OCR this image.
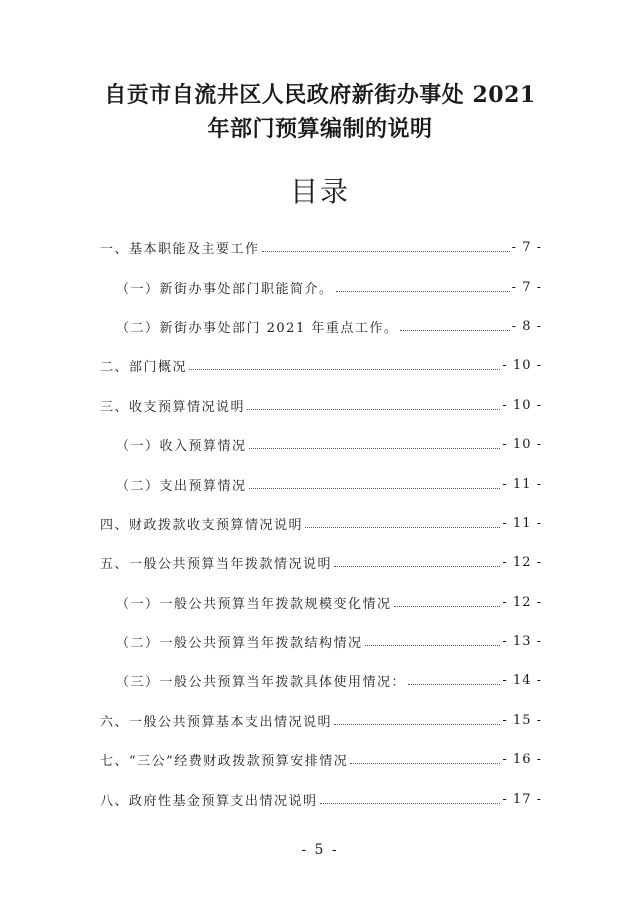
自贡市自流井区人民政府新街办事处 2021
年部门预算编制的说明
目录
一、基本职能及主要工作	- 7 -
（一）新街办事处部门职能简介。	- 7 -
（二）新街办事处部门 2021 年重点工作。	- 8 -
二、部门概况	- 10 -
三、收支预算情况说明	- 10 -
（一）收入预算情况	- 10 -
（二）支出预算情况	- 11 -
四、财政拨款收支预算情况说明	- 11 -
五、一般公共预算当年拨款情况说明	- 12 -
（一）一般公共预算当年拨款规模变化情况	- 12 -
（二）一般公共预算当年拨款结构情况	- 13 -
（三）一般公共预算当年拨款具体使用情况：	- 14 -
六、一般公共预算基本支出情况说明	- 15 -
七、“三公”经费财政拨款预算安排情况	- 16 -
八、政府性基金预算支出情况说明	- 17 -
- 5 -
